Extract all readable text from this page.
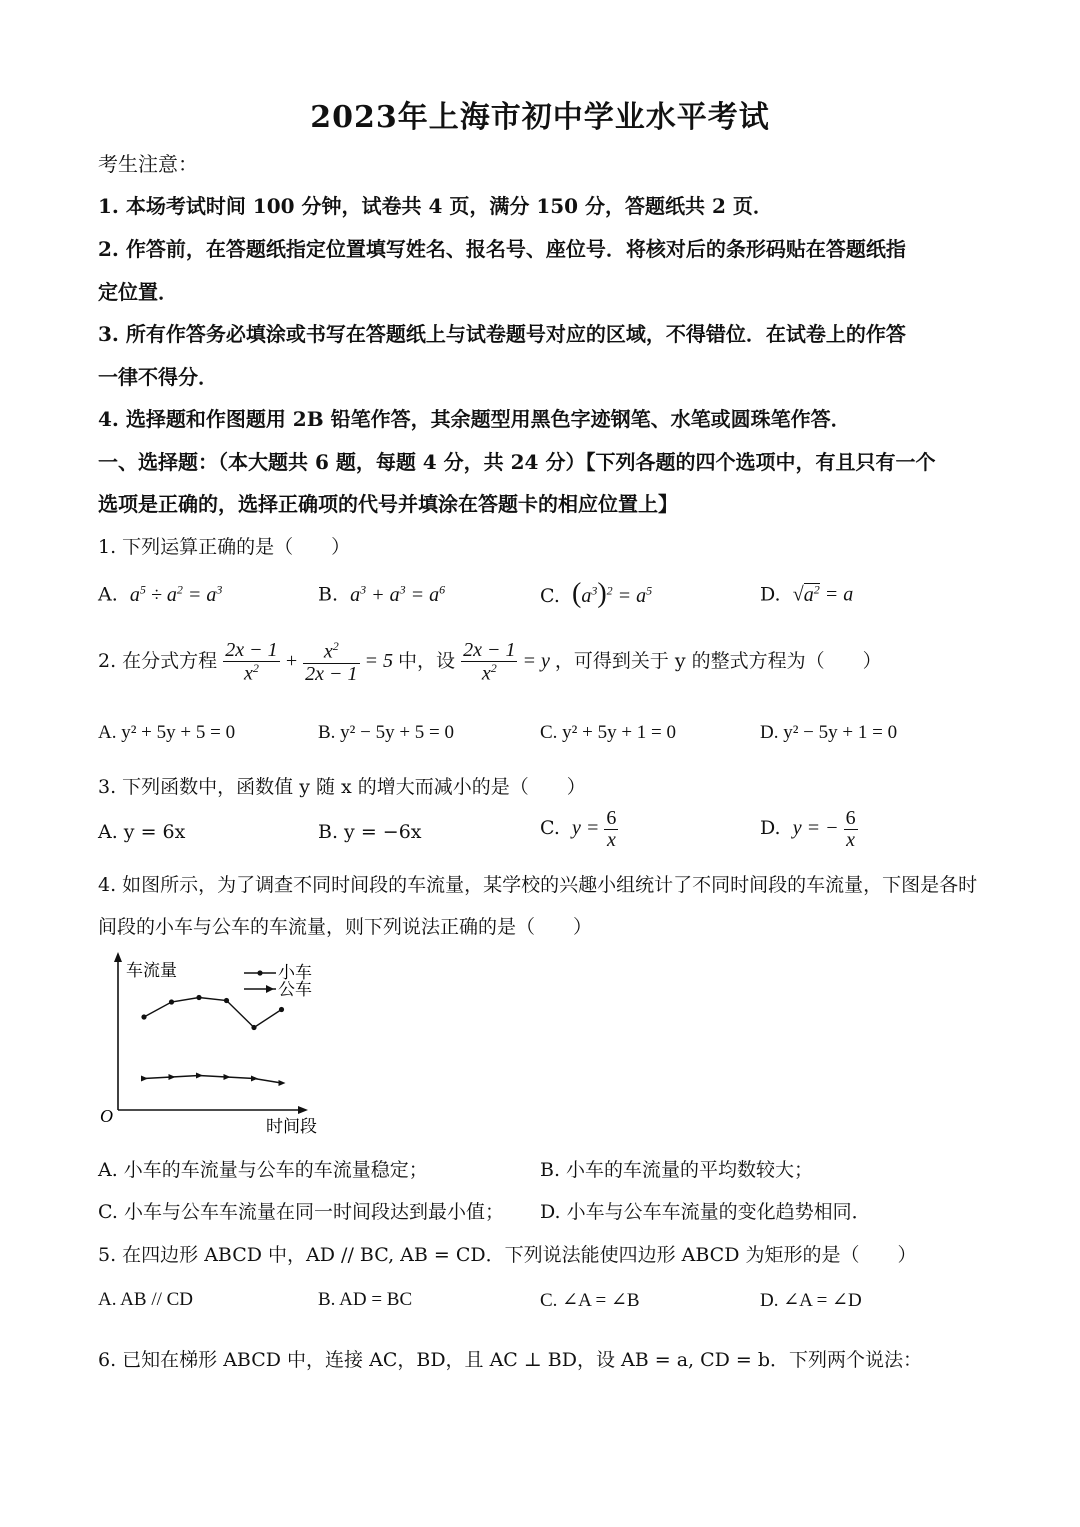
2023年上海市初中学业水平考试
考生注意：
1. 本场考试时间 100 分钟，试卷共 4 页，满分 150 分，答题纸共 2 页．
2. 作答前，在答题纸指定位置填写姓名、报名号、座位号．将核对后的条形码贴在答题纸指
定位置．
3. 所有作答务必填涂或书写在答题纸上与试卷题号对应的区域，不得错位．在试卷上的作答
一律不得分．
4. 选择题和作图题用 2B 铅笔作答，其余题型用黑色字迹钢笔、水笔或圆珠笔作答．
一、选择题：（本大题共 6 题，每题 4 分，共 24 分）【下列各题的四个选项中，有且只有一个
选项是正确的，选择正确项的代号并填涂在答题卡的相应位置上】
1. 下列运算正确的是（　　）
A. $a^5 \div a^2 = a^3$	B. $a^3 + a^3 = a^6$	C. $(a^3)^2 = a^5$	D. $√a^2 = a$
2. 在分式方程 $\frac{2x - 1}{x^2} + \frac{x^2}{2x - 1} = 5$ 中，设 $\frac{2x - 1}{x^2} = y$ ，可得到关于 y 的整式方程为（　　）
A. y² + 5y + 5 = 0	B. y² − 5y + 5 = 0	C. y² + 5y + 1 = 0	D. y² − 5y + 1 = 0
3. 下列函数中，函数值 y 随 x 的增大而减小的是（　　）
A. y = 6x	B. y = −6x	C. $y = \frac{6}{x}$	D. y = − $\frac{6}{x}$
4. 如图所示，为了调查不同时间段的车流量，某学校的兴趣小组统计了不同时间段的车流量，下图是各时
间段的小车与公车的车流量，则下列说法正确的是（　　）
车流量
时间段
O
小车
公车
A. 小车的车流量与公车的车流量稳定；	B. 小车的车流量的平均数较大；
C. 小车与公车车流量在同一时间段达到最小值； D. 小车与公车车流量的变化趋势相同．
5. 在四边形 ABCD 中，AD // BC, AB = CD．下列说法能使四边形 ABCD 为矩形的是（　　）
A. AB // CD	B. AD = BC	C. ∠A = ∠B	D. ∠A = ∠D
6. 已知在梯形 ABCD 中，连接 AC，BD，且 AC ⊥ BD，设 AB = a, CD = b．下列两个说法：
